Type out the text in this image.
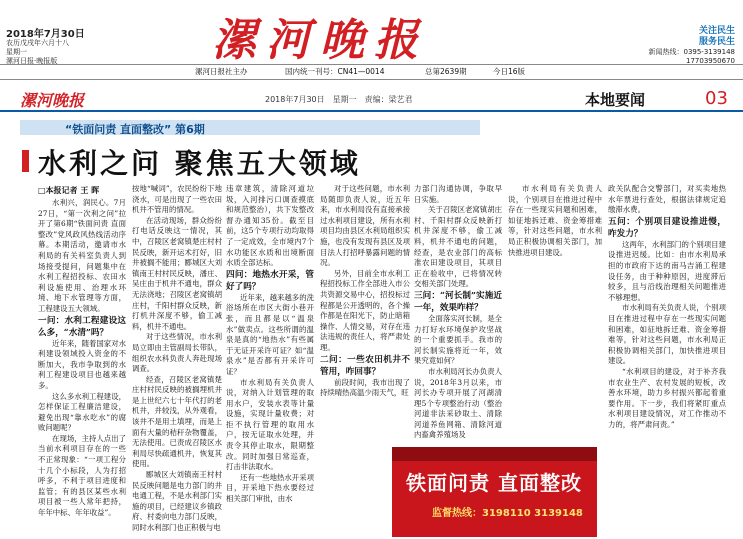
2018年7月30日
农历戊戌年六月十八
星期一
漯河日报·晚报版	漯河晚报	关注民生
服务民生
新闻热线：0395-3139148
17703950670
漯河日报社主办	国内统一刊号：CN41—0014	总第2639期	今日16版
漯河晚报	2018年7月30日　星期一　责编：梁艺君	本地要闻	03
“铁面问责 直面整改” 第6期
水利之问 聚焦五大领域
□本报记者 王 晖

水利兴，润民心。7月27日，“第一次利之问”拉开了第6期“铁面问责 直面整改”党风政风热线活动序幕。本期活动，邀请市水利局的有关科室负责人到场接受提问，问题集中在水利工程招投标、农田水利设施使用、治理水环境、地下水管理等方面，工程建设五大领域。

一问：水利工程建设这么多，“水清”吗？

近年来，随着国家对水利建设领域投入资金的不断加大，我市争取到的水利工程建设项目也越来越多。

这么多水利工程建设，怎样保证工程廉洁建设，避免出现“靠水吃水”的腐败问题呢？

在现场，主持人点出了当前水利项目存在的一些不正常现象：“一项工程分十几个小标段，人为打招呼多，不利于项目进度和监管；有的县区某些水利项目被一些人常年把持，年年中标、年年收益”。

按地“喊词”，农民纷纷下地浇水，可是出现了一些农田机井不管用的情况。

在活动现场，群众纷纷打电话反映这一情况，其中，召陵区老窝镇楚庄村村民反映，新开运术打好，旧井被搁不能用；郾城区大刘镇南王村村民反映，潘庄、吴庄由于机井不通电，群众无法浇地；召陵区老窝镇胡庄村，千阳村群众反映，新打机井深度不够，偷工减料，机井不通电。

对于这些情况，市水利局立即由主管副局长带队，组织农水科负责人奔赴现场调查。

经查，召陵区老窝镇楚庄村村民反映的被搁埋机井是上世纪六七十年代打的老机井，并较浅，从外观看，该井不是用土填埋，而是上面有大量的秸秆杂物覆盖，无法使用。已责成召陵区水利局尽快疏通机井，恢复其使用。

郾城区大刘镇南王村村民反映问题是电力部门的井电通工程，不是水利部门实施的项目，已经建议乡镇政府、村委向电力部门反映，同时水利部门也正积极与电

违章建筑，清除河道垃圾，入河排污口调查摸底和规范整治），共下发整改督办通知35份。截至目前，这5个专项行动均取得了一定成效，全市境内7个水功能区水质和出境断面水质全部达标。

四问：地热水开采，管好了吗？

近年来，越来越多的洗浴场所在市区大街小巷开张，而且都是以“温泉水”做卖点。这些所谓的温泉是真的“地热水”有些属于无证开采许可证？如“温泉水”是否都有开采许可证？

市水利局有关负责人说，对纳入计划管理的取用水户，安装水表等计量设施，实现计量收费；对拒不执行管理的取用水户，按无证取水处理，并责令其停止取水，限期整改。同时加强日常巡查，打击非法取水。

还有一些地热水开采项目，开采地下热水要经过相关部门审批，由水

对于这些问题，市水利局随即负责人说，近五年来，市水利局没有直接承接过水利项目建设，所有水利项目均由县区水利局组织实施，也没有发现有县区及项目法人打招呼暴露问题的情况。

另外，目前全市水利工程招投标工作全部进入市公共资源交易中心，招投标过程都是公开透明的，各个操作都是在阳光下，防止暗箱操作、人情交易，对存在违法违规的责任人，将严肃处理。

二问：一些农田机井不管用，咋回事？

前段时间，我市出现了持续晴热高温少雨天气，旺

力部门沟通协调，争取早日实施。

关于召陵区老窝镇胡庄村、千阳村群众反映新打机井深度不够，偷工减料，机井不通电的问题，经查，是农业部门的高标准农田建设项目，其项目正在验收中，已将情况转交相关部门处理。

三问：“河长制”实施近一年，效果咋样？

全面落实河长制，是全力打好水环境保护攻坚战的一个重要抓手。我市的河长制实施将近一年，效果究竟如何？

市水利局河长办负责人说，2018年3月以来，市河长办专项开展了河湖清理5个专项整治行动（整治河道非法采砂取土、清除河道养鱼网箱、清除河道内畜禽养殖场及

政关队配合交警部门，对买卖地热水年票进行查处，根据法律规定追缴滞水费。

五问：个别项目建设推进慢，咋发力？

这两年，水利部门的个别项目建设推进迟缓。比如：由市水利局承担的市政府下达的南马吉涌工程建设任务，由于种种原因，进度滞后较多，且与沿线治理相关问题推进不够理想。

市水利局有关负责人说，个别项目在推进过程中存在一些现实问题和困难，如征地拆迁难、资金筹措难等，针对这些问题，市水利局正积极协调相关部门，加快推进项目建设。

“水利项目的建设，对于补齐我市农业生产、农村发展的短板，改善水环境，助力乡村振兴都起着重要作用。下一步，我们将紧盯重点水利项目建设情况，对工作推动不力的，将严肃问责。”

市水利局有关负责人说，个别项目在推进过程中存在一些现实问题和困难，如征地拆迁难、资金筹措难等，针对这些问题，市水利局正积极协调相关部门，加快推进项目建设。

铁面问责 直面整改
监督热线：3198110 3139148
